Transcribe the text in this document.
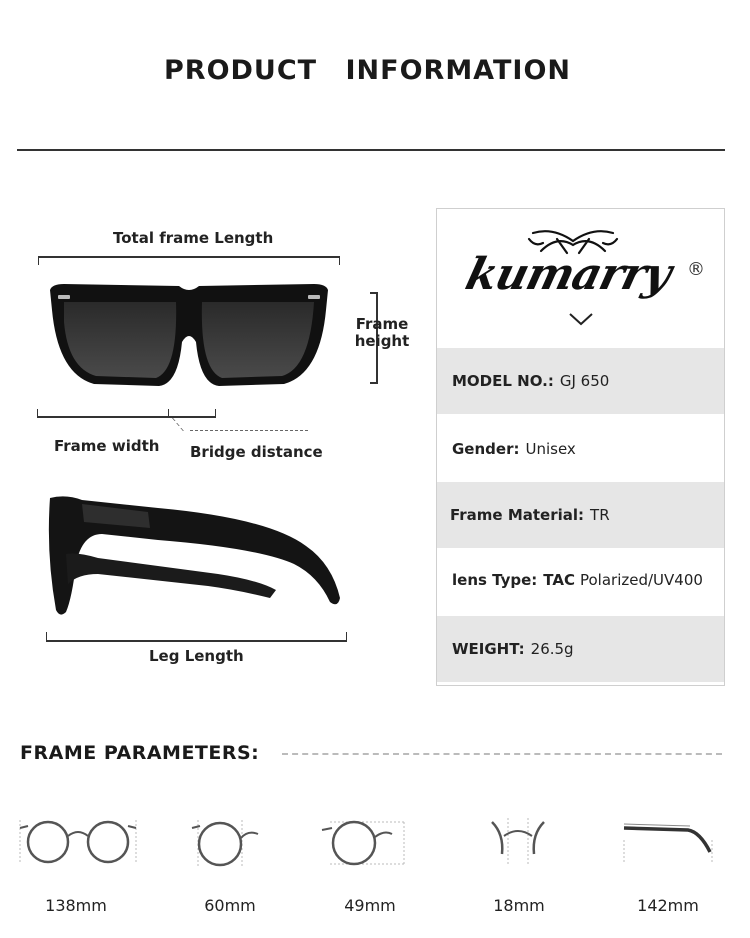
PRODUCT INFORMATION
Total frame Length
Frame
height
Frame width Bridge distance
Leg Length
kumarry ®
MODEL NO.: GJ 650
Gender: Unisex
Frame Material: TR
lens Type: TAC Polarized/UV400
WEIGHT: 26.5g
FRAME PARAMETERS:
138mm	60mm	49mm	18mm	142mm
